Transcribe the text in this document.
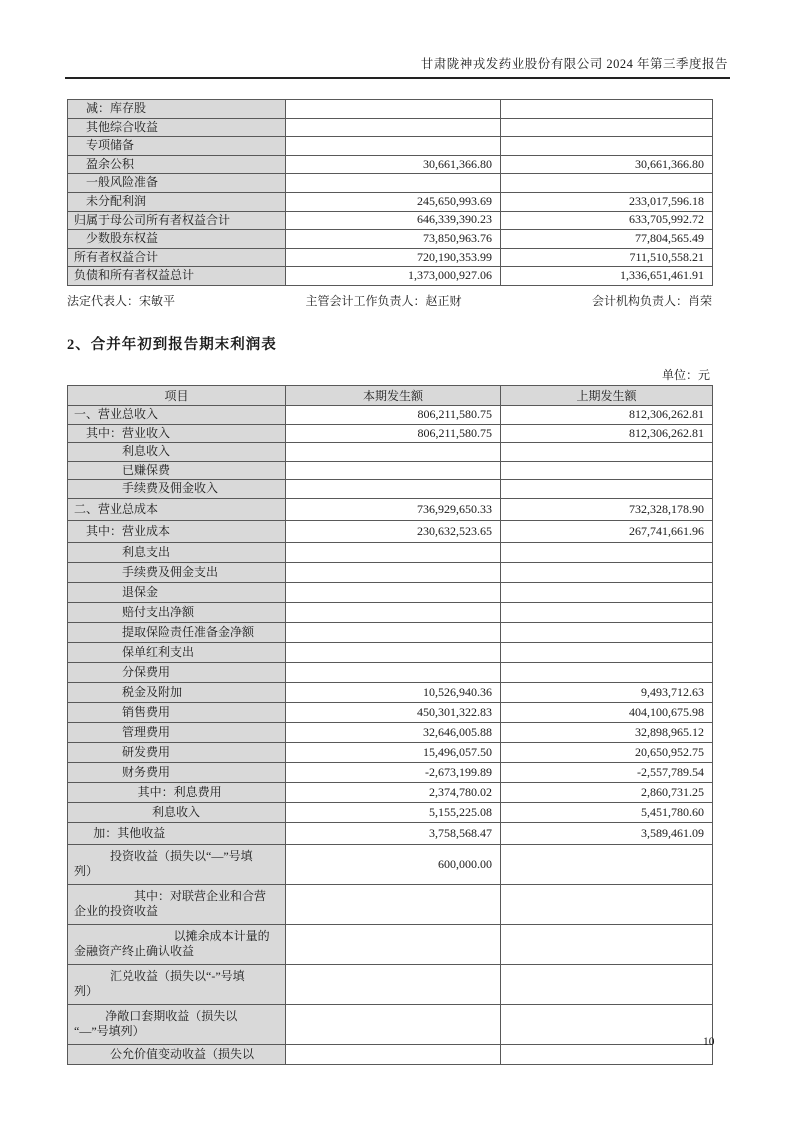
甘肃陇神戎发药业股份有限公司 2024 年第三季度报告
减：库存股		

其他综合收益		

专项储备		

盈余公积	30,661,366.80	30,661,366.80

一般风险准备		

未分配利润	245,650,993.69	233,017,596.18

归属于母公司所有者权益合计	646,339,390.23	633,705,992.72

少数股东权益	73,850,963.76	77,804,565.49

所有者权益合计	720,190,353.99	711,510,558.21

负债和所有者权益总计	1,373,000,927.06	1,336,651,461.91
法定代表人：宋敏平	主管会计工作负责人：赵正财	会计机构负责人：肖荣
2、合并年初到报告期末利润表
单位：元
项目	本期发生额	上期发生额

一、营业总收入	806,211,580.75	812,306,262.81

其中：营业收入	806,211,580.75	812,306,262.81

利息收入		

已赚保费		

手续费及佣金收入		

二、营业总成本	736,929,650.33	732,328,178.90

其中：营业成本	230,632,523.65	267,741,661.96

利息支出		

手续费及佣金支出		

退保金		

赔付支出净额		

提取保险责任准备金净额		

保单红利支出		

分保费用		

税金及附加	10,526,940.36	9,493,712.63

销售费用	450,301,322.83	404,100,675.98

管理费用	32,646,005.88	32,898,965.12

研发费用	15,496,057.50	20,650,952.75

财务费用	-2,673,199.89	-2,557,789.54

其中：利息费用	2,374,780.02	2,860,731.25

利息收入	5,155,225.08	5,451,780.60

加：其他收益	3,758,568.47	3,589,461.09

投资收益（损失以“—”号填
列）	600,000.00	

其中：对联营企业和合营
企业的投资收益		

以摊余成本计量的
金融资产终止确认收益		

汇兑收益（损失以“-”号填
列）		

净敞口套期收益（损失以
“—”号填列）		

公允价值变动收益（损失以		

10
